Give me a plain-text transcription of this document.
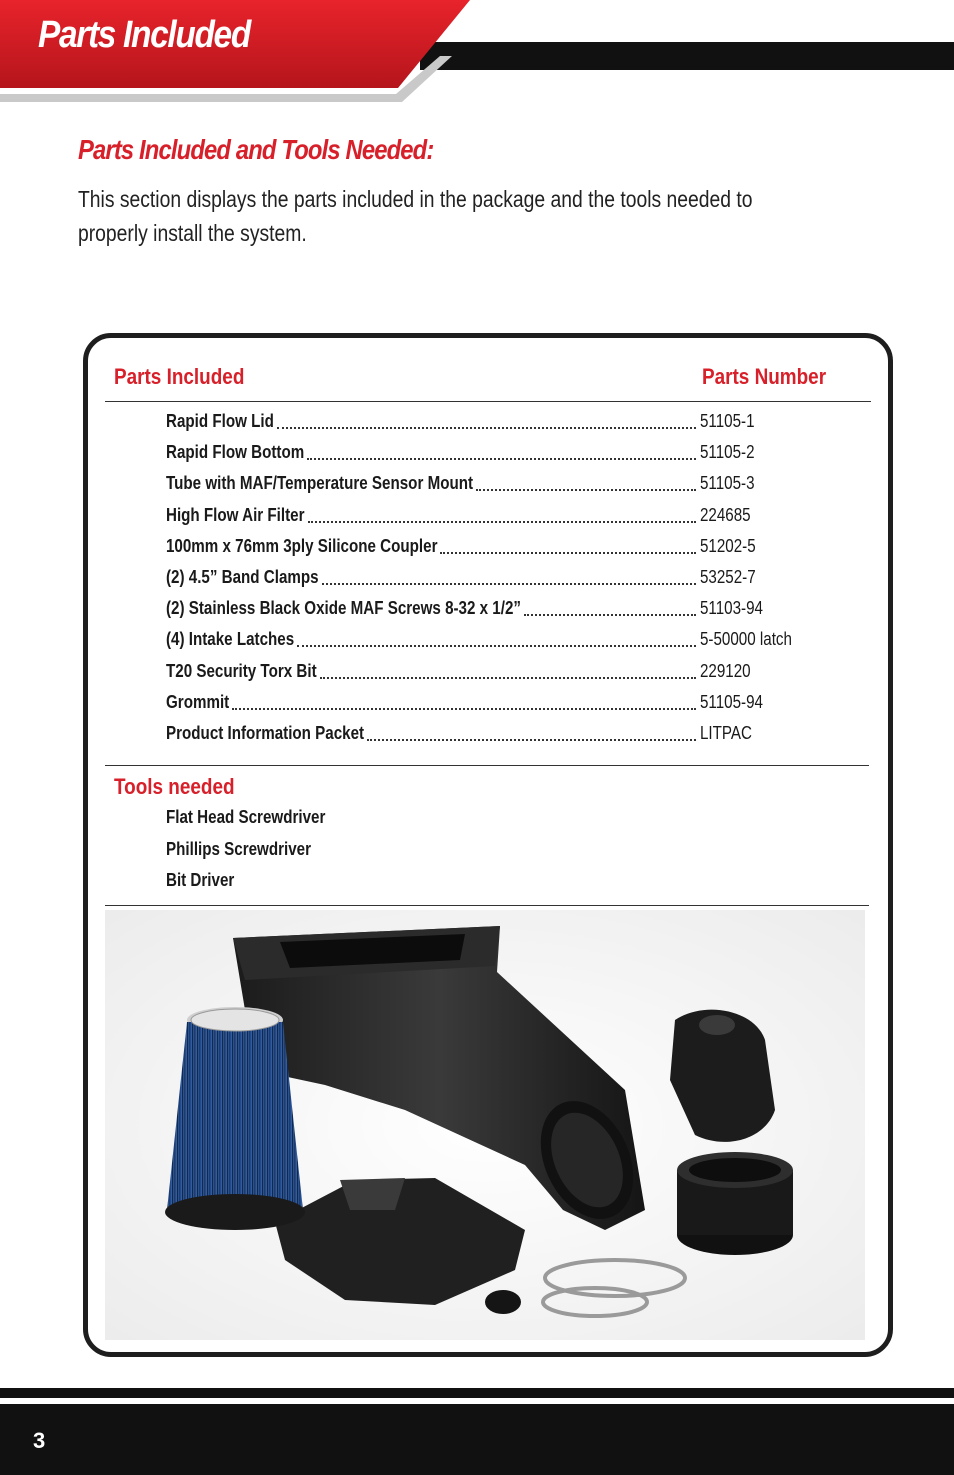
Parts Included
Parts Included and Tools Needed:
This section displays the parts included in the package and the tools needed to properly install the system.
Parts Included	Parts Number
Rapid Flow Lid	51105-1
Rapid Flow Bottom	51105-2
Tube with MAF/Temperature Sensor Mount	51105-3
High Flow Air Filter	224685
100mm x 76mm 3ply Silicone Coupler	51202-5
(2) 4.5” Band Clamps	53252-7
(2) Stainless Black Oxide MAF Screws 8-32 x 1/2”	51103-94
(4) Intake Latches	5-50000 latch
T20 Security Torx Bit	229120
Grommit	51105-94
Product Information Packet	LITPAC
Tools needed
Flat Head Screwdriver
Phillips Screwdriver
Bit Driver
3
